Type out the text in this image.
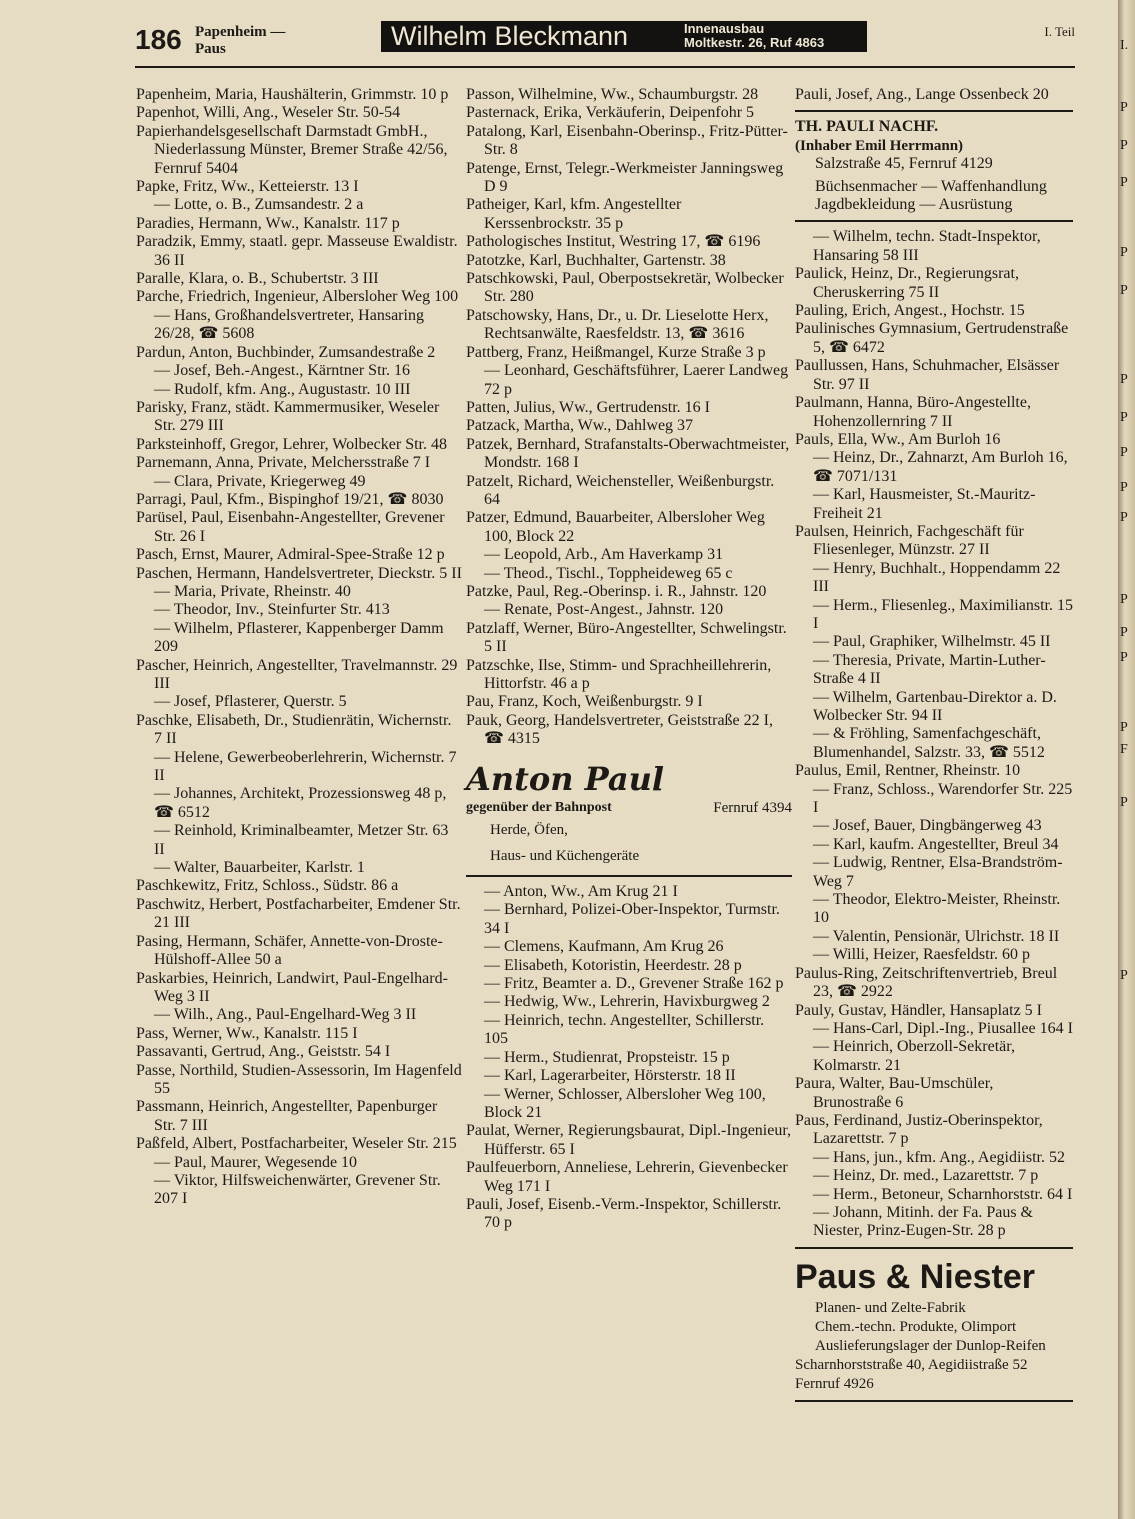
186 Papenheim —
Paus	Wilhelm Bleckmann	Innenausbau
Moltkestr. 26, Ruf 4863
I. Teil
Papenheim, Maria, Haushälterin, Grimmstr. 10 p
Papenhot, Willi, Ang., Weseler Str. 50-54
Papierhandelsgesellschaft Darmstadt GmbH., Niederlassung Münster, Bremer Straße 42/56, Fernruf 5404
Papke, Fritz, Ww., Ketteierstr. 13 I
— Lotte, o. B., Zumsandestr. 2 a
Paradies, Hermann, Ww., Kanalstr. 117 p
Paradzik, Emmy, staatl. gepr. Masseuse Ewaldistr. 36 II
Paralle, Klara, o. B., Schubertstr. 3 III
Parche, Friedrich, Ingenieur, Albersloher Weg 100
— Hans, Großhandelsvertreter, Hansaring 26/28, ☎ 5608
Pardun, Anton, Buchbinder, Zumsandestraße 2
— Josef, Beh.-Angest., Kärntner Str. 16
— Rudolf, kfm. Ang., Augustastr. 10 III
Parisky, Franz, städt. Kammermusiker, Weseler Str. 279 III
Parksteinhoff, Gregor, Lehrer, Wolbecker Str. 48
Parnemann, Anna, Private, Melchersstraße 7 I
— Clara, Private, Kriegerweg 49
Parragi, Paul, Kfm., Bispinghof 19/21, ☎ 8030
Parüsel, Paul, Eisenbahn-Angestellter, Grevener Str. 26 I
Pasch, Ernst, Maurer, Admiral-Spee-Straße 12 p
Paschen, Hermann, Handelsvertreter, Dieckstr. 5 II
— Maria, Private, Rheinstr. 40
— Theodor, Inv., Steinfurter Str. 413
— Wilhelm, Pflasterer, Kappenberger Damm 209
Pascher, Heinrich, Angestellter, Travelmannstr. 29 III
— Josef, Pflasterer, Querstr. 5
Paschke, Elisabeth, Dr., Studienrätin, Wichernstr. 7 II
— Helene, Gewerbeoberlehrerin, Wichernstr. 7 II
— Johannes, Architekt, Prozessionsweg 48 p, ☎ 6512
— Reinhold, Kriminalbeamter, Metzer Str. 63 II
— Walter, Bauarbeiter, Karlstr. 1
Paschkewitz, Fritz, Schloss., Südstr. 86 a
Paschwitz, Herbert, Postfacharbeiter, Emdener Str. 21 III
Pasing, Hermann, Schäfer, Annette-von-Droste-Hülshoff-Allee 50 a
Paskarbies, Heinrich, Landwirt, Paul-Engelhard-Weg 3 II
— Wilh., Ang., Paul-Engelhard-Weg 3 II
Pass, Werner, Ww., Kanalstr. 115 I
Passavanti, Gertrud, Ang., Geiststr. 54 I
Passe, Northild, Studien-Assessorin, Im Hagenfeld 55
Passmann, Heinrich, Angestellter, Papenburger Str. 7 III
Paßfeld, Albert, Postfacharbeiter, Weseler Str. 215
— Paul, Maurer, Wegesende 10
— Viktor, Hilfsweichenwärter, Grevener Str. 207 I
Passon, Wilhelmine, Ww., Schaumburgstr. 28
Pasternack, Erika, Verkäuferin, Deipenfohr 5
Patalong, Karl, Eisenbahn-Oberinsp., Fritz-Pütter-Str. 8
Patenge, Ernst, Telegr.-Werkmeister Janningsweg D 9
Patheiger, Karl, kfm. Angestellter Kerssenbrockstr. 35 p
Pathologisches Institut, Westring 17, ☎ 6196
Patotzke, Karl, Buchhalter, Gartenstr. 38
Patschkowski, Paul, Oberpostsekretär, Wolbecker Str. 280
Patschowsky, Hans, Dr., u. Dr. Lieselotte Herx, Rechtsanwälte, Raesfeldstr. 13, ☎ 3616
Pattberg, Franz, Heißmangel, Kurze Straße 3 p
— Leonhard, Geschäftsführer, Laerer Landweg 72 p
Patten, Julius, Ww., Gertrudenstr. 16 I
Patzack, Martha, Ww., Dahlweg 37
Patzek, Bernhard, Strafanstalts-Oberwachtmeister, Mondstr. 168 I
Patzelt, Richard, Weichensteller, Weißenburgstr. 64
Patzer, Edmund, Bauarbeiter, Albersloher Weg 100, Block 22
— Leopold, Arb., Am Haverkamp 31
— Theod., Tischl., Toppheideweg 65 c
Patzke, Paul, Reg.-Oberinsp. i. R., Jahnstr. 120
— Renate, Post-Angest., Jahnstr. 120
Patzlaff, Werner, Büro-Angestellter, Schwelingstr. 5 II
Patzschke, Ilse, Stimm- und Sprachheillehrerin, Hittorfstr. 46 a p
Pau, Franz, Koch, Weißenburgstr. 9 I
Pauk, Georg, Handelsvertreter, Geiststraße 22 I, ☎ 4315
Anton Paul
gegenüber der Bahnpost	Fernruf 4394
Herde, Öfen,
Haus- und Küchengeräte
— Anton, Ww., Am Krug 21 I
— Bernhard, Polizei-Ober-Inspektor, Turmstr. 34 I
— Clemens, Kaufmann, Am Krug 26
— Elisabeth, Kotoristin, Heerdestr. 28 p
— Fritz, Beamter a. D., Grevener Straße 162 p
— Hedwig, Ww., Lehrerin, Havixburgweg 2
— Heinrich, techn. Angestellter, Schillerstr. 105
— Herm., Studienrat, Propsteistr. 15 p
— Karl, Lagerarbeiter, Hörsterstr. 18 II
— Werner, Schlosser, Albersloher Weg 100, Block 21
Paulat, Werner, Regierungsbaurat, Dipl.-Ingenieur, Hüfferstr. 65 I
Paulfeuerborn, Anneliese, Lehrerin, Gievenbecker Weg 171 I
Pauli, Josef, Eisenb.-Verm.-Inspektor, Schillerstr. 70 p
Pauli, Josef, Ang., Lange Ossenbeck 20
TH. PAULI NACHF.
(Inhaber Emil Herrmann)
Salzstraße 45, Fernruf 4129
Büchsenmacher — Waffenhandlung
Jagdbekleidung — Ausrüstung
— Wilhelm, techn. Stadt-Inspektor, Hansaring 58 III
Paulick, Heinz, Dr., Regierungsrat, Cheruskerring 75 II
Pauling, Erich, Angest., Hochstr. 15
Paulinisches Gymnasium, Gertrudenstraße 5, ☎ 6472
Paullussen, Hans, Schuhmacher, Elsässer Str. 97 II
Paulmann, Hanna, Büro-Angestellte, Hohenzollernring 7 II
Pauls, Ella, Ww., Am Burloh 16
— Heinz, Dr., Zahnarzt, Am Burloh 16, ☎ 7071/131
— Karl, Hausmeister, St.-Mauritz-Freiheit 21
Paulsen, Heinrich, Fachgeschäft für Fliesenleger, Münzstr. 27 II
— Henry, Buchhalt., Hoppendamm 22 III
— Herm., Fliesenleg., Maximilianstr. 15 I
— Paul, Graphiker, Wilhelmstr. 45 II
— Theresia, Private, Martin-Luther-Straße 4 II
— Wilhelm, Gartenbau-Direktor a. D. Wolbecker Str. 94 II
— & Fröhling, Samenfachgeschäft, Blumenhandel, Salzstr. 33, ☎ 5512
Paulus, Emil, Rentner, Rheinstr. 10
— Franz, Schloss., Warendorfer Str. 225 I
— Josef, Bauer, Dingbängerweg 43
— Karl, kaufm. Angestellter, Breul 34
— Ludwig, Rentner, Elsa-Brandström-Weg 7
— Theodor, Elektro-Meister, Rheinstr. 10
— Valentin, Pensionär, Ulrichstr. 18 II
— Willi, Heizer, Raesfeldstr. 60 p
Paulus-Ring, Zeitschriftenvertrieb, Breul 23, ☎ 2922
Pauly, Gustav, Händler, Hansaplatz 5 I
— Hans-Carl, Dipl.-Ing., Piusallee 164 I
— Heinrich, Oberzoll-Sekretär, Kolmarstr. 21
Paura, Walter, Bau-Umschüler, Brunostraße 6
Paus, Ferdinand, Justiz-Oberinspektor, Lazarettstr. 7 p
— Hans, jun., kfm. Ang., Aegidiistr. 52
— Heinz, Dr. med., Lazarettstr. 7 p
— Herm., Betoneur, Scharnhorststr. 64 I
— Johann, Mitinh. der Fa. Paus & Niester, Prinz-Eugen-Str. 28 p
Paus & Niester
Planen- und Zelte-Fabrik
Chem.-techn. Produkte, Olimport
Auslieferungslager der Dunlop-Reifen
Scharnhorststraße 40, Aegidiistraße 52
Fernruf 4926
I.
P
P
P
P
P
P
P
P
P
P
P
P
P
P
F
P
P
